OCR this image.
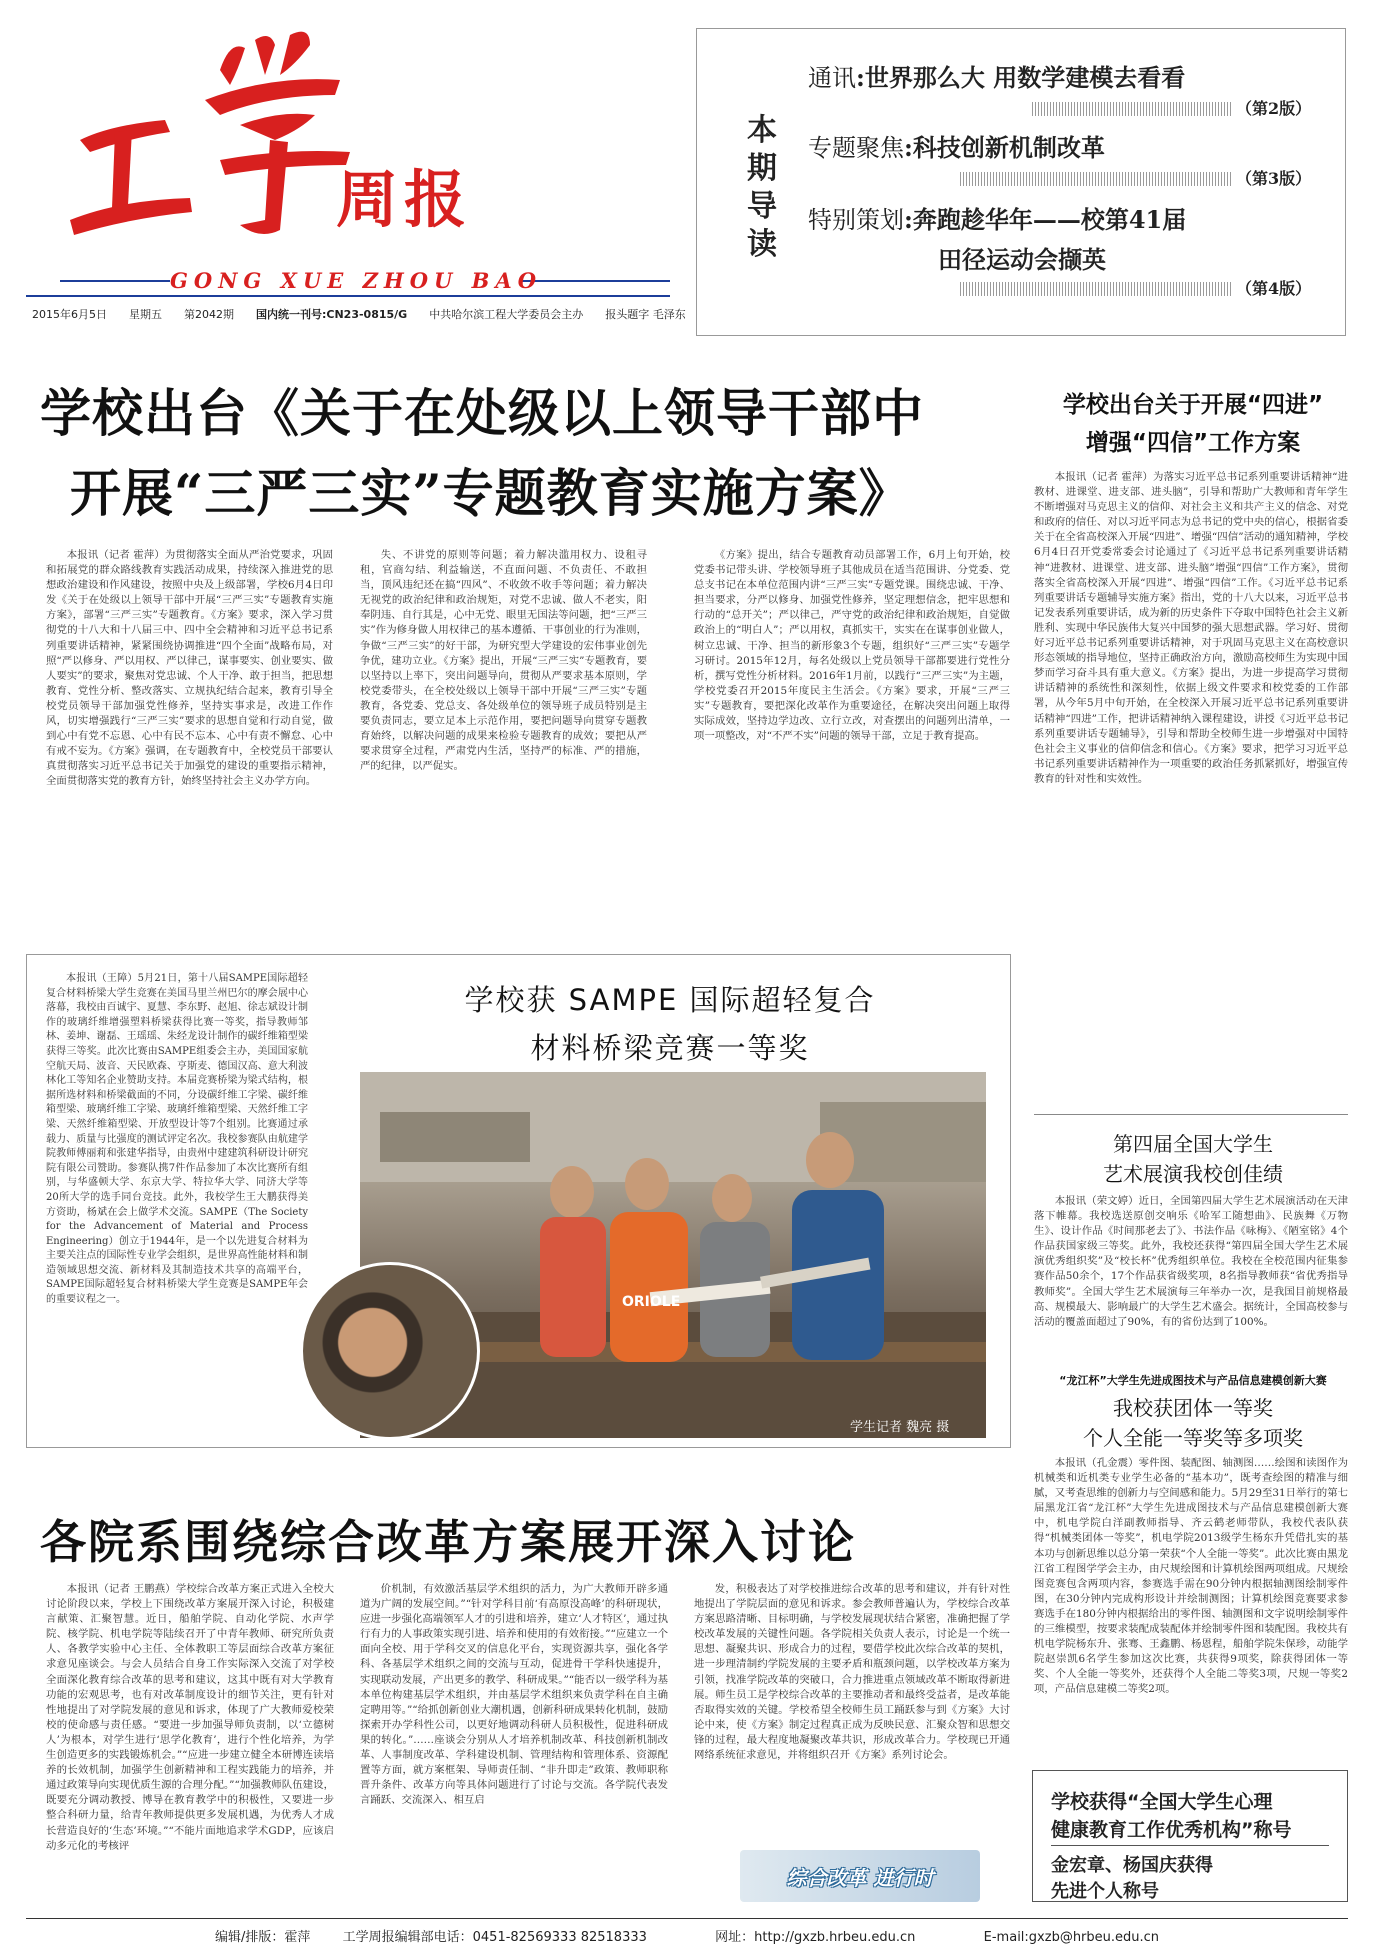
周报
GONG XUE ZHOU BAO
2015年6月5日 星期五 第2042期 国内统一刊号:CN23-0815/G 中共哈尔滨工程大学委员会主办 报头题字 毛泽东
本期导读
通讯:世界那么大 用数学建模去看看
（第2版）
专题聚焦:科技创新机制改革
（第3版）
特别策划:奔跑趁华年——校第41届
田径运动会撷英
（第4版）
学校出台《关于在处级以上领导干部中
开展“三严三实”专题教育实施方案》

本报讯（记者 霍萍）为贯彻落实全面从严治党要求，巩固和拓展党的群众路线教育实践活动成果，持续深入推进党的思想政治建设和作风建设，按照中央及上级部署，学校6月4日印发《关于在处级以上领导干部中开展“三严三实”专题教育实施方案》，部署“三严三实”专题教育。《方案》要求，深入学习贯彻党的十八大和十八届三中、四中全会精神和习近平总书记系列重要讲话精神，紧紧围绕协调推进“四个全面”战略布局，对照“严以修身、严以用权、严以律己，谋事要实、创业要实、做人要实”的要求，聚焦对党忠诚、个人干净、敢于担当，把思想教育、党性分析、整改落实、立规执纪结合起来，教育引导全校党员领导干部加强党性修养，坚持实事求是，改进工作作风，切实增强践行“三严三实”要求的思想自觉和行动自觉，做到心中有党不忘恩、心中有民不忘本、心中有责不懈怠、心中有戒不妄为。《方案》强调，在专题教育中，全校党员干部要认真贯彻落实习近平总书记关于加强党的建设的重要指示精神，全面贯彻落实党的教育方针，始终坚持社会主义办学方向。

失、不讲党的原则等问题；着力解决滥用权力、设租寻租，官商勾结、利益输送，不直面问题、不负责任、不敢担当，顶风违纪还在搞“四风”、不收敛不收手等问题；着力解决无视党的政治纪律和政治规矩，对党不忠诚、做人不老实，阳奉阴违、自行其是，心中无党、眼里无国法等问题，把“三严三实”作为修身做人用权律己的基本遵循、干事创业的行为准则，争做“三严三实”的好干部，为研究型大学建设的宏伟事业创先争优，建功立业。《方案》提出，开展“三严三实”专题教育，要以坚持以上率下，突出问题导向，贯彻从严要求基本原则，学校党委带头，在全校处级以上领导干部中开展“三严三实”专题教育，各党委、党总支、各处级单位的领导班子成员特别是主要负责同志，要立足本上示范作用，要把问题导向贯穿专题教育始终，以解决问题的成果来检验专题教育的成效；要把从严要求贯穿全过程，严肃党内生活，坚持严的标准、严的措施，严的纪律，以严促实。

《方案》提出，结合专题教育动员部署工作，6月上旬开始，校党委书记带头讲、学校领导班子其他成员在适当范围讲、分党委、党总支书记在本单位范围内讲“三严三实”专题党课。围绕忠诚、干净、担当要求，分严以修身、加强党性修养，坚定理想信念，把牢思想和行动的“总开关”；严以律己，严守党的政治纪律和政治规矩，自觉做政治上的“明白人”；严以用权，真抓实干，实实在在谋事创业做人，树立忠诚、干净、担当的新形象3个专题，组织好“三严三实”专题学习研讨。2015年12月，每名处级以上党员领导干部都要进行党性分析，撰写党性分析材料。2016年1月前，以践行“三严三实”为主题，学校党委召开2015年度民主生活会。《方案》要求，开展“三严三实”专题教育，要把深化改革作为重要途径，在解决突出问题上取得实际成效，坚持边学边改、立行立改，对查摆出的问题列出清单，一项一项整改，对“不严不实”问题的领导干部，立足于教育提高。

学校出台关于开展“四进”
增强“四信”工作方案

本报讯（记者 霍萍）为落实习近平总书记系列重要讲话精神“进教材、进课堂、进支部、进头脑”，引导和帮助广大教师和青年学生不断增强对马克思主义的信仰、对社会主义和共产主义的信念、对党和政府的信任、对以习近平同志为总书记的党中央的信心，根据省委关于在全省高校深入开展“四进”、增强“四信”活动的通知精神，学校6月4日召开党委常委会讨论通过了《习近平总书记系列重要讲话精神“进教材、进课堂、进支部、进头脑”增强“四信”工作方案》，贯彻落实全省高校深入开展“四进”、增强“四信”工作。《习近平总书记系列重要讲话专题辅导实施方案》指出，党的十八大以来，习近平总书记发表系列重要讲话，成为新的历史条件下夺取中国特色社会主义新胜利、实现中华民族伟大复兴中国梦的强大思想武器。学习好、贯彻好习近平总书记系列重要讲话精神，对于巩固马克思主义在高校意识形态领域的指导地位，坚持正确政治方向，激励高校师生为实现中国梦而学习奋斗具有重大意义。《方案》提出，为进一步提高学习贯彻讲话精神的系统性和深刻性，依据上级文件要求和校党委的工作部署，从今年5月中旬开始，在全校深入开展习近平总书记系列重要讲话精神“四进”工作，把讲话精神纳入课程建设，讲授《习近平总书记系列重要讲话专题辅导》，引导和帮助全校师生进一步增强对中国特色社会主义事业的信仰信念和信心。《方案》要求，把学习习近平总书记系列重要讲话精神作为一项重要的政治任务抓紧抓好，增强宣传教育的针对性和实效性。

本报讯（王障）5月21日，第十八届SAMPE国际超轻复合材料桥梁大学生竞赛在美国马里兰州巴尔的摩会展中心落幕，我校由百诚宇、夏慧、李东野、赵旭、徐志斌设计制作的玻璃纤维增强塑料桥梁获得比赛一等奖，指导教师邹林、姜坤、谢磊、王瑶瑶、朱经龙设计制作的碳纤维箱型梁获得三等奖。此次比赛由SAMPE组委会主办，美国国家航空航天局、波音、天民欧森、亨斯麦、德国汉高、意大利波林化工等知名企业赞助支持。本届竞赛桥梁为梁式结构，根据所选材料和桥梁截面的不同，分设碳纤维工字梁、碳纤维箱型梁、玻璃纤维工字梁、玻璃纤维箱型梁、天然纤维工字梁、天然纤维箱型梁、开放型设计等7个组别。比赛通过承载力、质量与比强度的测试评定名次。我校参赛队由航建学院教师傅丽莉和张建华指导，由贵州中建建筑科研设计研究院有限公司赞助。参赛队携7件作品参加了本次比赛所有组别，与华盛顿大学、东京大学、特拉华大学、同济大学等20所大学的选手同台竞技。此外，我校学生王大鹏获得美方资助，杨斌在会上做学术交流。SAMPE（The Society for the Advancement of Material and Process Engineering）创立于1944年，是一个以先进复合材料为主要关注点的国际性专业学会组织，是世界高性能材料和制造领域思想交流、新材料及其制造技术共享的高端平台，SAMPE国际超轻复合材料桥梁大学生竞赛是SAMPE年会的重要议程之一。

学校获 SAMPE 国际超轻复合
材料桥梁竞赛一等奖
ORIOLE
学生记者 魏亮 摄
第四届全国大学生
艺术展演我校创佳绩

本报讯（荣文婷）近日，全国第四届大学生艺术展演活动在天津落下帷幕。我校选送原创交响乐《哈军工随想曲》、民族舞《万物生》、设计作品《时间那老去了》、书法作品《咏梅》、《陋室铭》4个作品获国家级三等奖。此外，我校还获得“第四届全国大学生艺术展演优秀组织奖”及“校长杯”优秀组织单位。我校在全校范围内征集参赛作品50余个，17个作品获省级奖项，8名指导教师获“省优秀指导教师奖”。全国大学生艺术展演每三年举办一次，是我国目前规格最高、规模最大、影响最广的大学生艺术盛会。据统计，全国高校参与活动的覆盖面超过了90%，有的省份达到了100%。

“龙江杯”大学生先进成图技术与产品信息建模创新大赛
我校获团体一等奖
个人全能一等奖等多项奖

本报讯（孔金震）零件图、装配图、轴测图……绘图和读图作为机械类和近机类专业学生必备的“基本功”，既考查绘图的精准与细腻，又考查思维的创新力与空间感和能力。5月29至31日举行的第七届黑龙江省“龙江杯”大学生先进成图技术与产品信息建模创新大赛中，机电学院白洋副教师指导、齐云鹤老师带队，我校代表队获得“机械类团体一等奖”，机电学院2013级学生杨东升凭借扎实的基本功与创新思维以总分第一荣获“个人全能一等奖”。此次比赛由黑龙江省工程图学学会主办，由尺规绘图和计算机绘图两项组成。尺规绘图竞赛包含两项内容，参赛选手需在90分钟内根据轴测图绘制零件图，在30分钟内完成构形设计并绘制测图；计算机绘图竞赛要求参赛选手在180分钟内根据给出的零件图、轴测图和文字说明绘制零件的三维模型，按要求装配成装配体并绘制零件图和装配图。我校共有机电学院杨东升、张骞、王鑫鹏、杨恩程，船舶学院朱保珍，动能学院赵崇凯6名学生参加这次比赛，共获得9项奖，除获得团体一等奖、个人全能一等奖外，还获得个人全能二等奖3项，尺规一等奖2项，产品信息建模二等奖2项。

各院系围绕综合改革方案展开深入讨论

本报讯（记者 王鹏燕）学校综合改革方案正式进入全校大讨论阶段以来，学校上下围绕改革方案展开深入讨论，积极建言献策、汇聚智慧。近日，船舶学院、自动化学院、水声学院、核学院、机电学院等陆续召开了中青年教师、研究所负责人、各教学实验中心主任、全体教职工等层面综合改革方案征求意见座谈会。与会人员结合自身工作实际深入交流了对学校全面深化教育综合改革的思考和建议，这其中既有对大学教育功能的宏观思考，也有对改革制度设计的细节关注，更有针对性地提出了对学院发展的意见和诉求，体现了广大教师爱校荣校的使命感与责任感。“要进一步加强导师负责制，以‘立德树人’为根本，对学生进行‘思学化教育’，进行个性化培养，为学生创造更多的实践锻炼机会。”“应进一步建立健全本研博连读培养的长效机制，加强学生创新精神和工程实践能力的培养，并通过政策导向实现优质生源的合理分配。”“加强教师队伍建设，既要充分调动教授、博导在教育教学中的积极性，又要进一步整合科研力量，给青年教师提供更多发展机遇，为优秀人才成长营造良好的‘生态’环境。”“不能片面地追求学术GDP，应该启动多元化的考核评

价机制，有效激活基层学术组织的活力，为广大教师开辟多通道为广阔的发展空间。”“针对学科目前‘有高原没高峰’的科研现状，应进一步强化高端领军人才的引进和培养，建立‘人才特区’，通过执行有力的人事政策实现引进、培养和使用的有效衔接。”“应建立一个面向全校、用于学科交叉的信息化平台，实现资源共享，强化各学科、各基层学术组织之间的交流与互动，促进骨干学科快速提升，实现联动发展，产出更多的教学、科研成果。”“能否以一级学科为基本单位构建基层学术组织，并由基层学术组织来负责学科在自主确定聘用等。”“给抓创新创业大潮机遇，创新科研成果转化机制，鼓励探索开办学科性公司，以更好地调动科研人员积极性，促进科研成果的转化。”……座谈会分别从人才培养机制改革、科技创新机制改革、人事制度改革、学科建设机制、管理结构和管理体系、资源配置等方面，就方案框架、导师责任制、“非升即走”政策、教师职称晋升条件、改革方向等具体问题进行了讨论与交流。各学院代表发言踊跃、交流深入、相互启

发，积极表达了对学校推进综合改革的思考和建议，并有针对性地提出了学院层面的意见和诉求。参会教师普遍认为，学校综合改革方案思路清晰、目标明确，与学校发展现状结合紧密，准确把握了学校改革发展的关键性问题。各学院相关负责人表示，讨论是一个统一思想、凝聚共识、形成合力的过程，要借学校此次综合改革的契机，进一步理清制约学院发展的主要矛盾和瓶颈问题，以学校改革方案为引领，找准学院改革的突破口，合力推进重点领域改革不断取得新进展。师生员工是学校综合改革的主要推动者和最终受益者，是改革能否取得实效的关键。学校希望全校师生员工踊跃参与到《方案》大讨论中来，使《方案》制定过程真正成为反映民意、汇聚众智和思想交锋的过程，最大程度地凝聚改革共识，形成改革合力。学校现已开通网络系统征求意见，并将组织召开《方案》系列讨论会。

综合改革 进行时
学校获得“全国大学生心理
健康教育工作优秀机构”称号
金宏章、杨国庆获得
先进个人称号
编辑/排版：霍萍 工学周报编辑部电话：0451-82569333 82518333	网址：http://gxzb.hrbeu.edu.cn	E-mail:gxzb@hrbeu.edu.cn
